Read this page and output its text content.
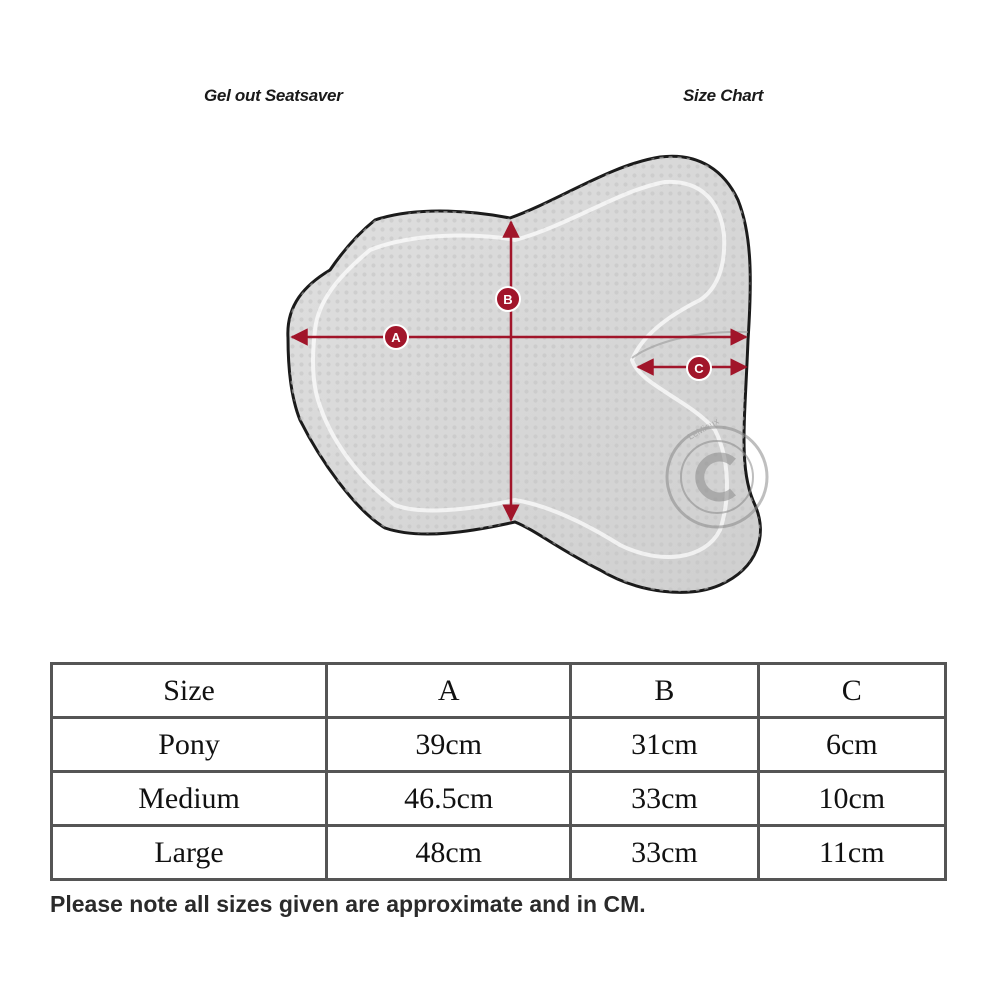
Gel out Seatsaver	Size Chart
A
B
C
LeMieux
Size	A	B	C
Pony	39cm	31cm	6cm
Medium	46.5cm	33cm	10cm
Large	48cm	33cm	11cm
Please note all sizes given are approximate and in CM.
